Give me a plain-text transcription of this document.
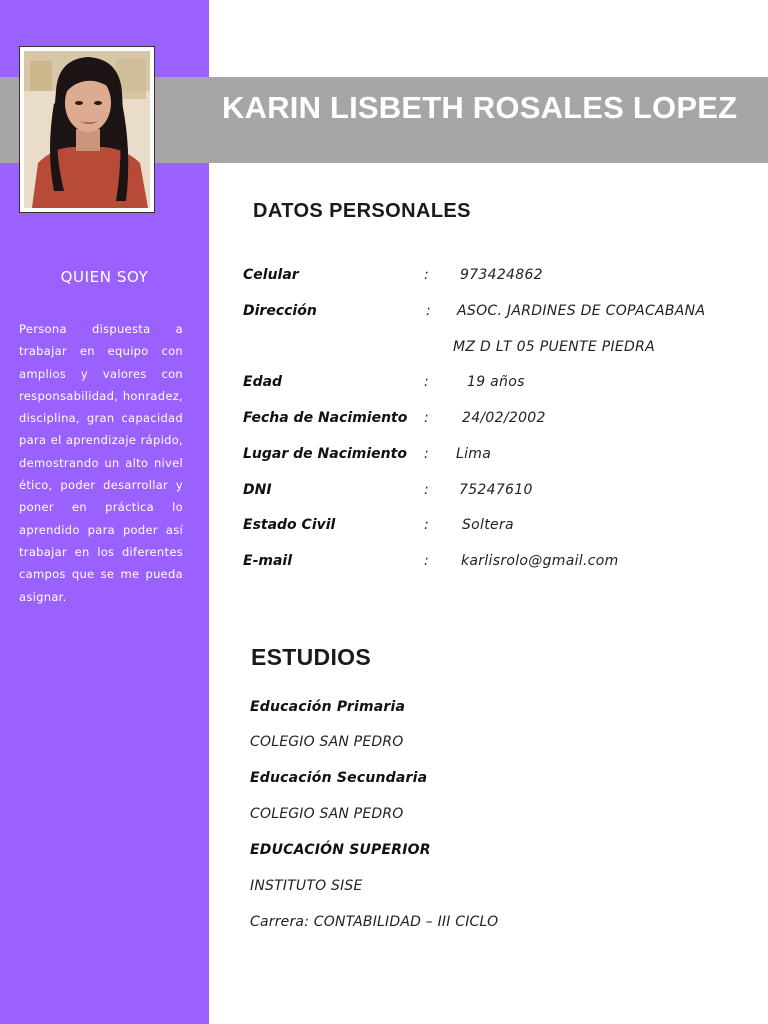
KARIN LISBETH ROSALES LOPEZ
QUIEN SOY
Persona dispuesta a trabajar en equipo con amplios y valores con responsabilidad, honradez, disciplina, gran capacidad para el aprendizaje rápido, demostrando un alto nivel ético, poder desarrollar y poner en práctica lo aprendido para poder así trabajar en los diferentes campos que se me pueda asignar.
DATOS PERSONALES
Celular	: 973424862
Dirección	: ASOC. JARDINES DE COPACABANA
MZ D LT 05 PUENTE PIEDRA
Edad	:	19 años
Fecha de Nacimiento : 24/02/2002
Lugar de Nacimiento : Lima
DNI	: 75247610
Estado Civil	: Soltera
E-mail	: karlisrolo@gmail.com
ESTUDIOS
Educación Primaria
COLEGIO SAN PEDRO
Educación Secundaria
COLEGIO SAN PEDRO
EDUCACIÓN SUPERIOR
INSTITUTO SISE
Carrera: CONTABILIDAD – III CICLO
